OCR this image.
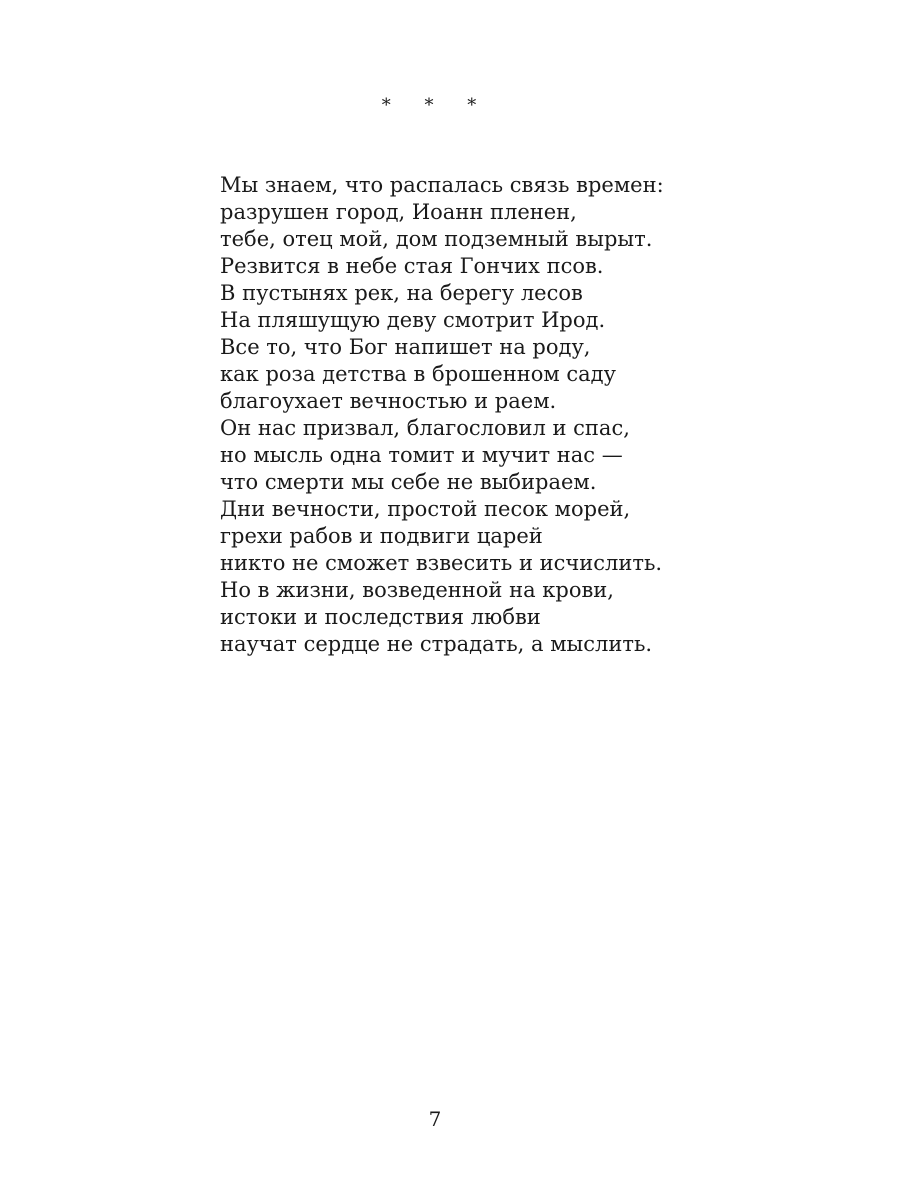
* * *
Мы знаем, что распалась связь времен:
разрушен город, Иоанн пленен,
тебе, отец мой, дом подземный вырыт.
Резвится в небе стая Гончих псов.
В пустынях рек, на берегу лесов
На пляшущую деву смотрит Ирод.
Все то, что Бог напишет на роду,
как роза детства в брошенном саду
благоухает вечностью и раем.
Он нас призвал, благословил и спас,
но мысль одна томит и мучит нас —
что смерти мы себе не выбираем.
Дни вечности, простой песок морей,
грехи рабов и подвиги царей
никто не сможет взвесить и исчислить.
Но в жизни, возведенной на крови,
истоки и последствия любви
научат сердце не страдать, а мыслить.
7
